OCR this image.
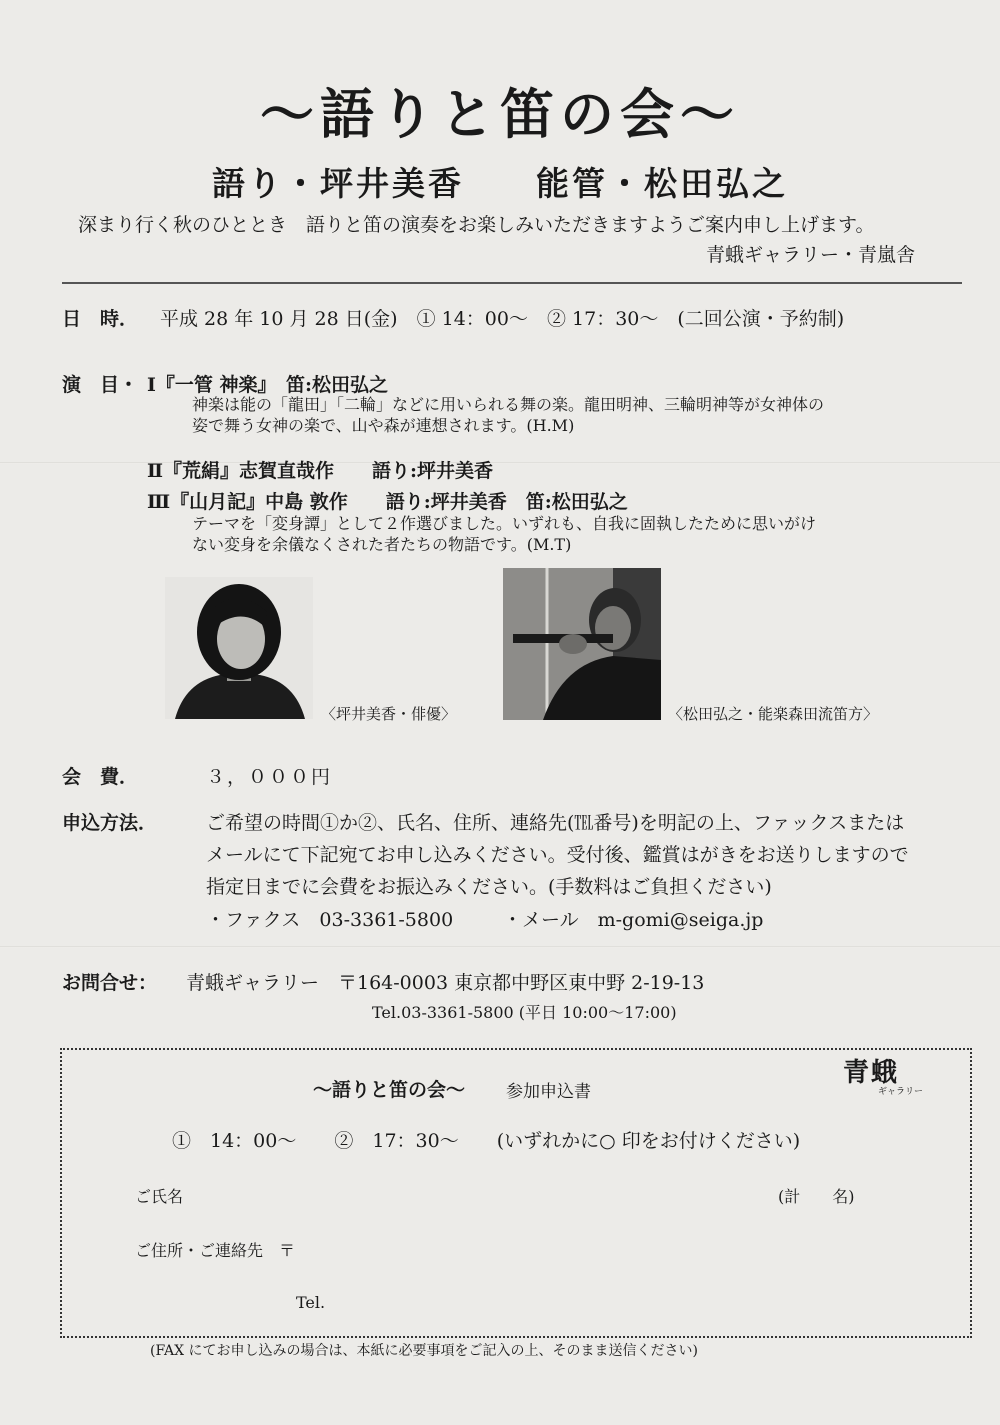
～語りと笛の会～
語り・坪井美香　　能管・松田弘之
深まり行く秋のひととき　語りと笛の演奏をお楽しみいただきますようご案内申し上げます。
青蛾ギャラリー・青嵐舎
日　時． 平成 28 年 10 月 28 日(金)　① 14：00～　② 17：30～　(二回公演・予約制)
演　目・ Ⅰ『一管 神楽』　笛:松田弘之
神楽は能の「龍田」「二輪」などに用いられる舞の楽。龍田明神、三輪明神等が女神体の
姿で舞う女神の楽で、山や森が連想されます。(H.M)
Ⅱ『荒絹』志賀直哉作　　語り:坪井美香
Ⅲ『山月記』中島 敦作　　語り:坪井美香　笛:松田弘之
テーマを「変身譚」として２作選びました。いずれも、自我に固執したために思いがけ
ない変身を余儀なくされた者たちの物語です。(M.T)
〈坪井美香・俳優〉	〈松田弘之・能楽森田流笛方〉
会　費．	３，０００円
申込方法．	ご希望の時間①か②、氏名、住所、連絡先(℡番号)を明記の上、ファックスまたは
メールにて下記宛てお申し込みください。受付後、鑑賞はがきをお送りしますので
指定日までに会費をお振込みください。(手数料はご負担ください)
・ファクス　03-3361-5800	・メール　m-gomi@seiga.jp
お問合せ： 青蛾ギャラリー　〒164-0003 東京都中野区東中野 2-19-13
Tel.03-3361-5800 (平日 10:00～17:00)
青蛾
ギャラリー
～語りと笛の会～ 参加申込書
①　14：00～　　②　17：30～　　(いずれかに○ 印をお付けください)
ご氏名	(計　　名)
ご住所・ご連絡先　〒
Tel.
(FAX にてお申し込みの場合は、本紙に必要事項をご記入の上、そのまま送信ください)
